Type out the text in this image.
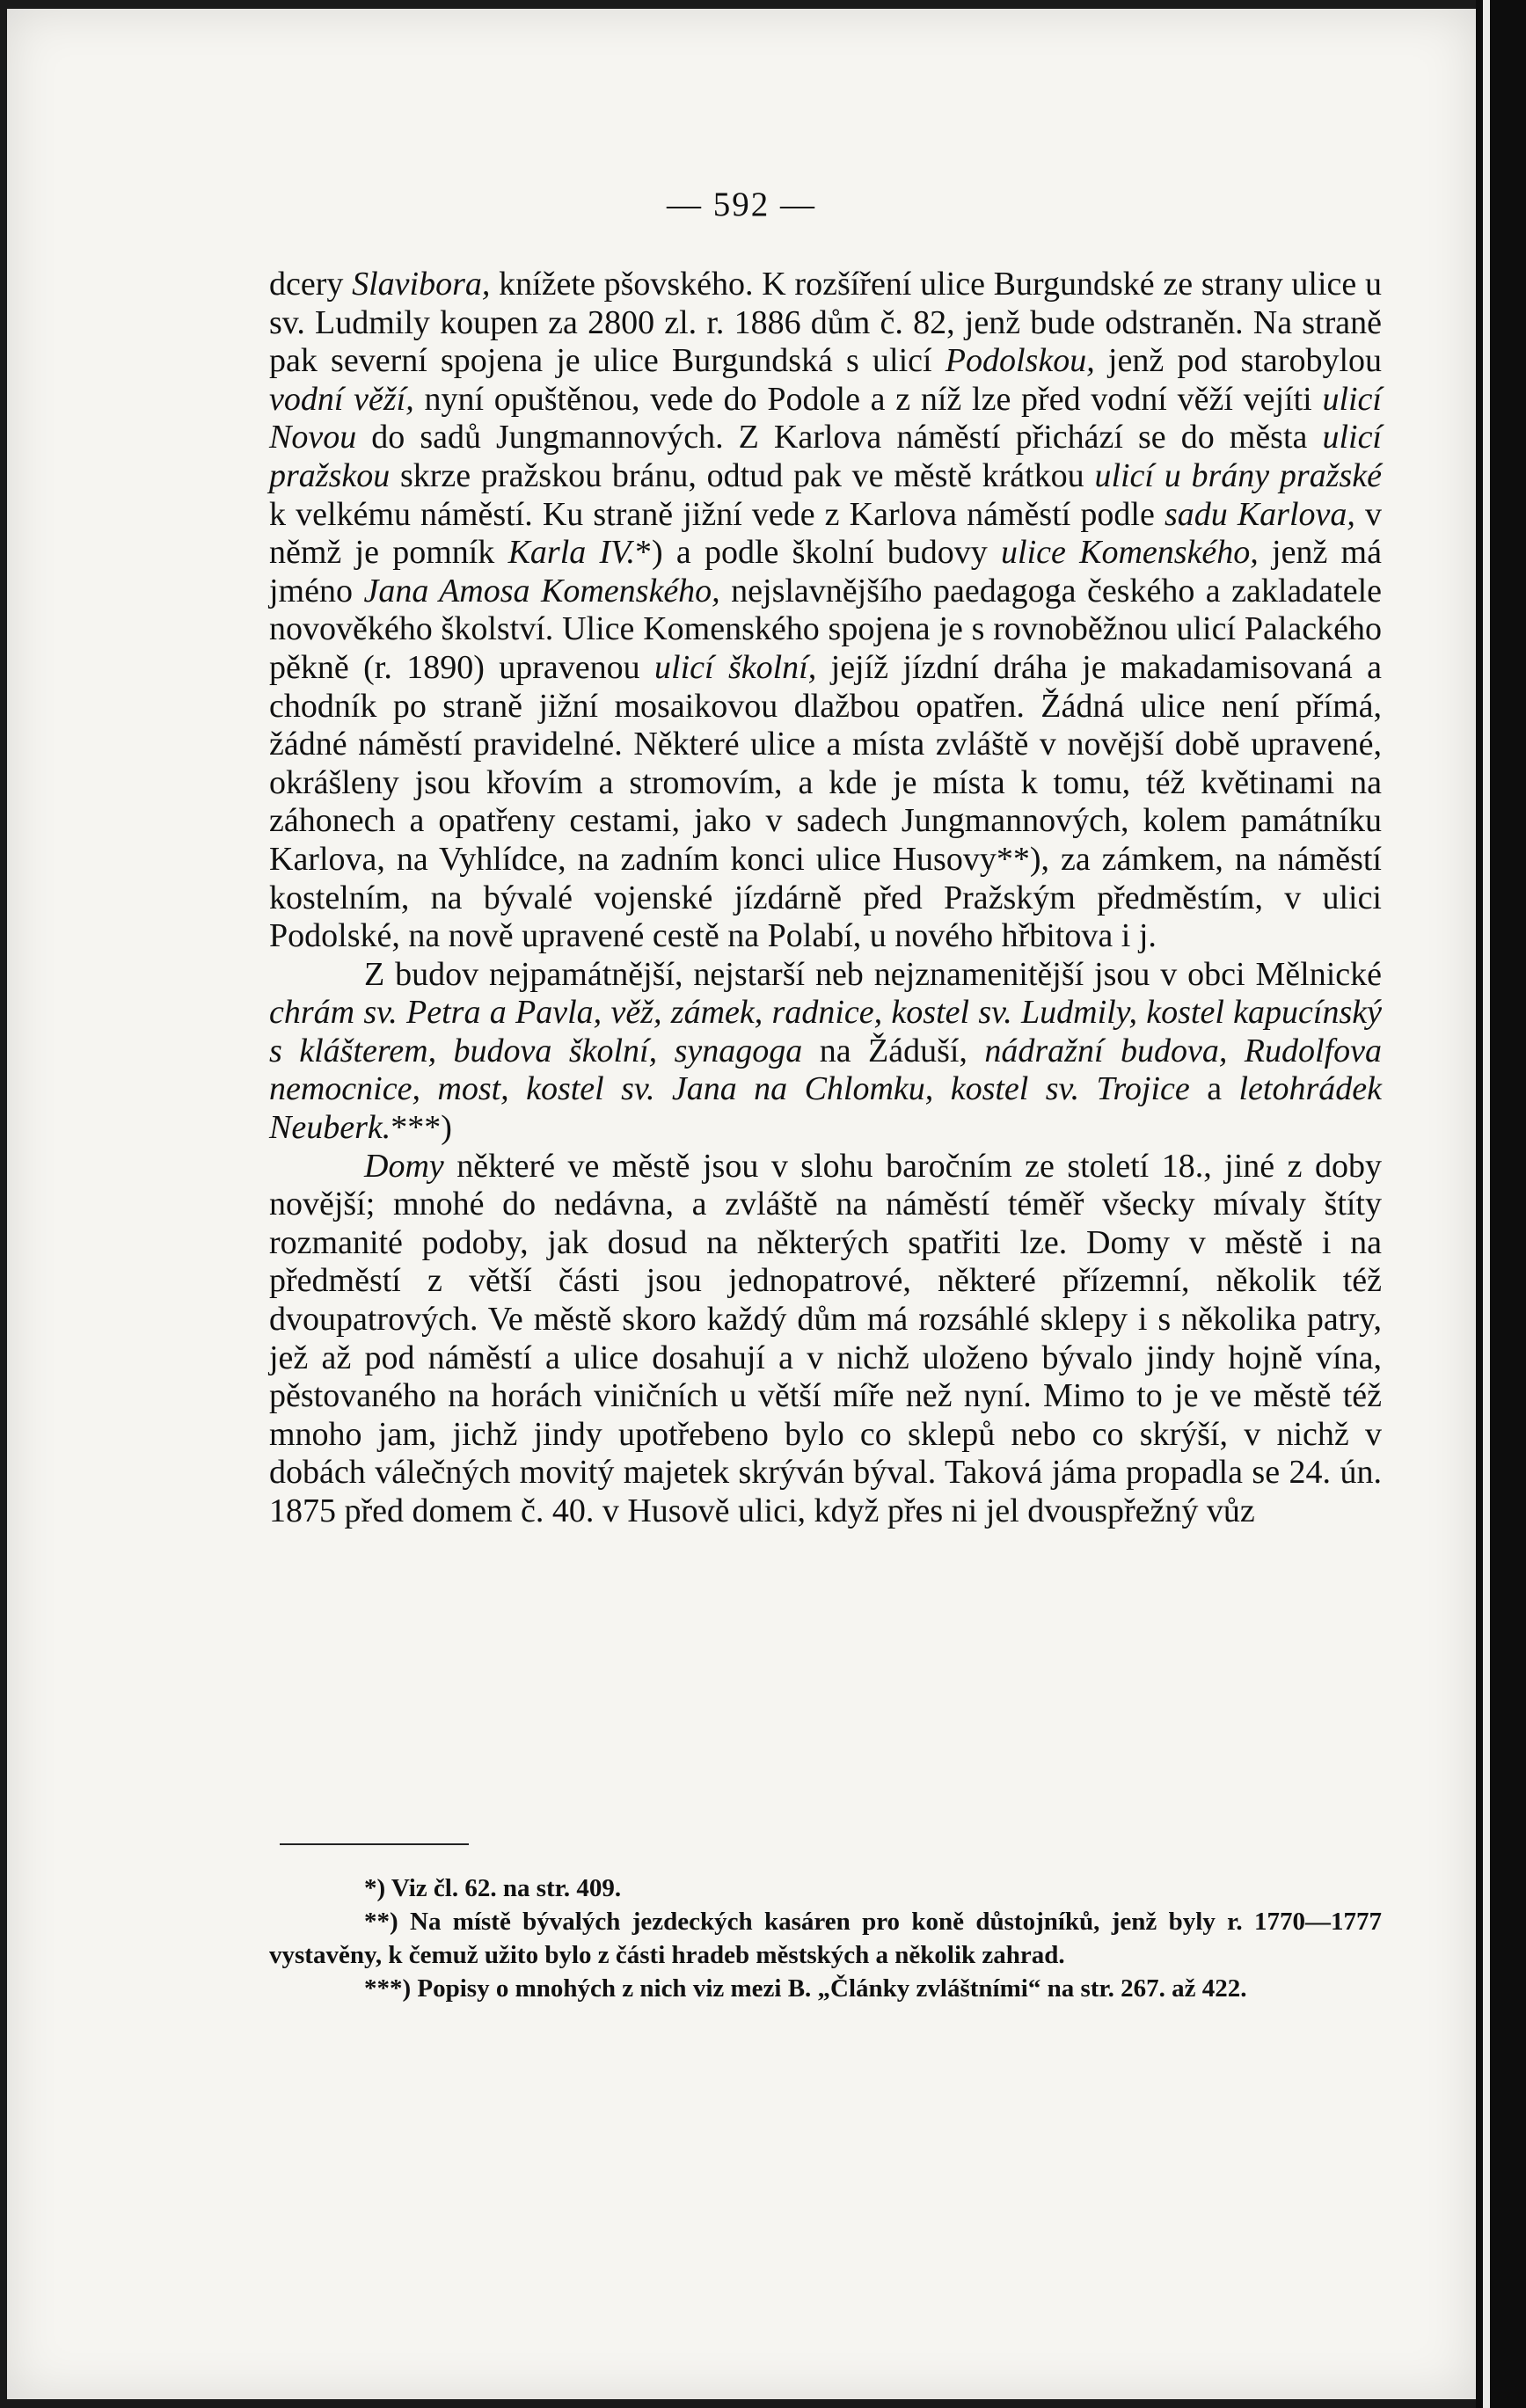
— 592 —

dcery Slavibora, knížete pšovského. K rozšíření ulice Burgundské ze strany ulice u sv. Ludmily koupen za 2800 zl. r. 1886 dům č. 82, jenž bude odstraněn. Na straně pak severní spojena je ulice Burgundská s ulicí Podolskou, jenž pod starobylou vodní věží, nyní opuštěnou, vede do Podole a z níž lze před vodní věží vejíti ulicí Novou do sadů Jungmannových. Z Karlova náměstí přichází se do města ulicí pražskou skrze pražskou bránu, odtud pak ve městě krátkou ulicí u brány pražské k velkému náměstí. Ku straně jižní vede z Karlova náměstí podle sadu Karlova, v němž je pomník Karla IV.*) a podle školní budovy ulice Komenského, jenž má jméno Jana Amosa Komenského, nejslavnějšího paedagoga českého a zakladatele novověkého školství. Ulice Komenského spojena je s rovnoběžnou ulicí Palackého pěkně (r. 1890) upravenou ulicí školní, jejíž jízdní dráha je makadamisovaná a chodník po straně jižní mosaikovou dlažbou opatřen. Žádná ulice není přímá, žádné náměstí pravidelné. Některé ulice a místa zvláště v novější době upravené, okrášleny jsou křovím a stromovím, a kde je místa k tomu, též květinami na záhonech a opatřeny cestami, jako v sadech Jungmannových, kolem památníku Karlova, na Vyhlídce, na zadním konci ulice Husovy**), za zámkem, na náměstí kostelním, na bývalé vojenské jízdárně před Pražským předměstím, v ulici Podolské, na nově upravené cestě na Polabí, u nového hřbitova i j.

Z budov nejpamátnější, nejstarší neb nejznamenitější jsou v obci Mělnické chrám sv. Petra a Pavla, věž, zámek, radnice, kostel sv. Ludmily, kostel kapucínský s klášterem, budova školní, synagoga na Žáduší, nádražní budova, Rudolfova nemocnice, most, kostel sv. Jana na Chlomku, kostel sv. Trojice a letohrádek Neuberk.***)

Domy některé ve městě jsou v slohu baročním ze století 18., jiné z doby novější; mnohé do nedávna, a zvláště na náměstí téměř všecky mívaly štíty rozmanité podoby, jak dosud na některých spatřiti lze. Domy v městě i na předměstí z větší části jsou jednopatrové, některé přízemní, několik též dvoupatrových. Ve městě skoro každý dům má rozsáhlé sklepy i s několika patry, jež až pod náměstí a ulice dosahují a v nichž uloženo bývalo jindy hojně vína, pěstovaného na horách viničních u větší míře než nyní. Mimo to je ve městě též mnoho jam, jichž jindy upotřebeno bylo co sklepů nebo co skrýší, v nichž v dobách válečných movitý majetek skrýván býval. Taková jáma propadla se 24. ún. 1875 před domem č. 40. v Husově ulici, když přes ni jel dvouspřežný vůz

*) Viz čl. 62. na str. 409.

**) Na místě bývalých jezdeckých kasáren pro koně důstojníků, jenž byly r. 1770—1777 vystavěny, k čemuž užito bylo z části hradeb městských a několik zahrad.

***) Popisy o mnohých z nich viz mezi B. „Články zvláštními“ na str. 267. až 422.
